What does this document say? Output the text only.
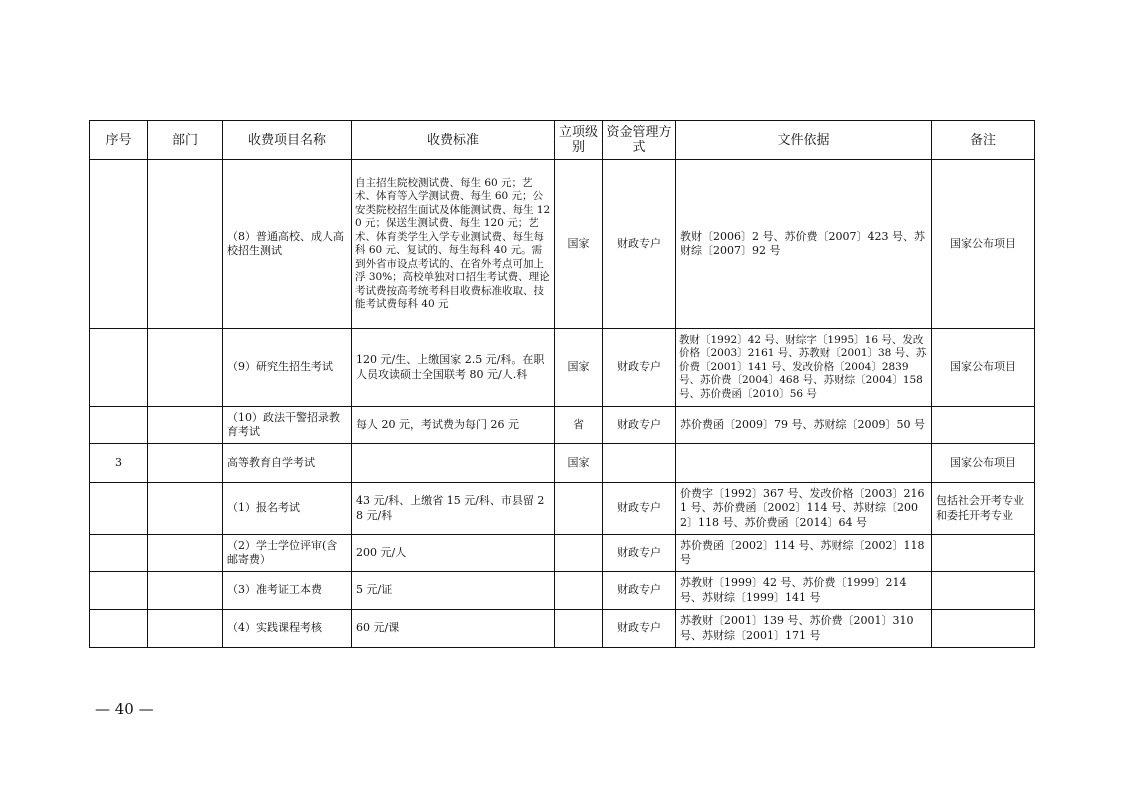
序号	部门	收费项目名称	收费标准	立项级别	资金管理方式	文件依据	备注
		（8）普通高校、成人高校招生测试	自主招生院校测试费、每生 60 元；艺术、体育等入学测试费、每生 60 元；公安类院校招生面试及体能测试费、每生 120 元；保送生测试费、每生 120 元；艺术、体育类学生入学专业测试费、每生每科 60 元、复试的、每生每科 40 元。需到外省市设点考试的、在省外考点可加上浮 30%；高校单独对口招生考试费、理论考试费按高考统考科目收费标准收取、技能考试费每科 40 元	国家	财政专户	教财〔2006〕2 号、苏价费〔2007〕423 号、苏财综〔2007〕92 号	国家公布项目
		（9）研究生招生考试	120 元/生、上缴国家 2.5 元/科。在职人员攻读硕士全国联考 80 元/人.科	国家	财政专户	教财〔1992〕42 号、财综字〔1995〕16 号、发改价格〔2003〕2161 号、苏教财〔2001〕38 号、苏价费〔2001〕141 号、发改价格〔2004〕2839 号、苏价费〔2004〕468 号、苏财综〔2004〕158 号、苏价费函〔2010〕56 号	国家公布项目
		（10）政法干警招录教育考试	每人 20 元，考试费为每门 26 元	省	财政专户	苏价费函〔2009〕79 号、苏财综〔2009〕50 号	
3		高等教育自学考试		国家			国家公布项目
		（1）报名考试	43 元/科、上缴省 15 元/科、市县留 28 元/科		财政专户	价费字〔1992〕367 号、发改价格〔2003〕2161 号、苏价费函〔2002〕114 号、苏财综〔2002〕118 号、苏价费函〔2014〕64 号	包括社会开考专业和委托开考专业
		（2）学士学位评审(含邮寄费）	200 元/人		财政专户	苏价费函〔2002〕114 号、苏财综〔2002〕118 号	
		（3）准考证工本费	5 元/证		财政专户	苏教财〔1999〕42 号、苏价费〔1999〕214 号、苏财综〔1999〕141 号	
		（4）实践课程考核	60 元/课		财政专户	苏教财〔2001〕139 号、苏价费〔2001〕310 号、苏财综〔2001〕171 号	
— 40 —
